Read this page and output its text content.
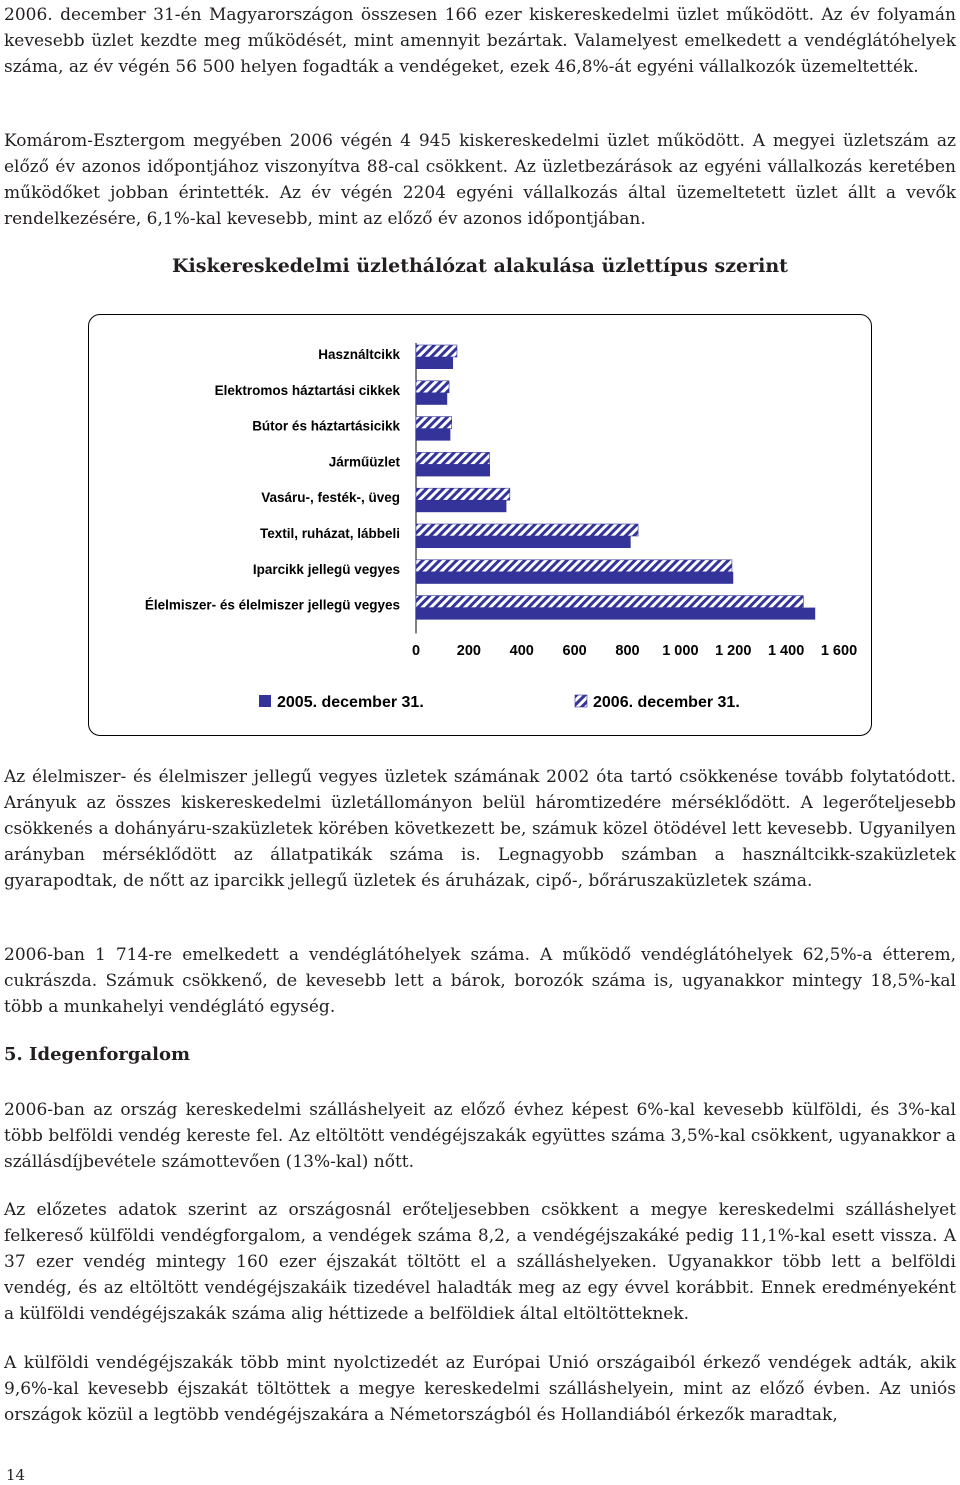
2006. december 31-én Magyarországon összesen 166 ezer kiskereskedelmi üzlet működött. Az év folyamán kevesebb üzlet kezdte meg működését, mint amennyit bezártak. Valamelyest emelkedett a vendéglátóhelyek száma, az év végén 56 500 helyen fogadták a vendégeket, ezek 46,8%-át egyéni vállalkozók üzemeltették.

Komárom-Esztergom megyében 2006 végén 4 945 kiskereskedelmi üzlet működött. A megyei üzletszám az előző év azonos időpontjához viszonyítva 88-cal csökkent. Az üzletbezárások az egyéni vállalkozás keretében működőket jobban érintették. Az év végén 2204 egyéni vállalkozás által üzemeltetett üzlet állt a vevők rendelkezésére, 6,1%-kal kevesebb, mint az előző év azonos időpontjában.

Kiskereskedelmi üzlethálózat alakulása üzlettípus szerint
Használtcikk
Elektromos háztartási cikkek
Bútor és háztartásicikk
Járműüzlet
Vasáru-, festék-, üveg
Textil, ruházat, lábbeli
Iparcikk jellegü vegyes
Élelmiszer- és élelmiszer jellegü vegyes
0	200 400 600 800 1 000 1 200 1 400 1 600
2005. december 31.	2006. december 31.

Az élelmiszer- és élelmiszer jellegű vegyes üzletek számának 2002 óta tartó csökkenése tovább folytatódott. Arányuk az összes kiskereskedelmi üzletállományon belül háromtizedére mérséklődött. A legerőteljesebb csökkenés a dohányáru-szaküzletek körében következett be, számuk közel ötödével lett kevesebb. Ugyanilyen arányban mérséklődött az állatpatikák száma is. Legnagyobb számban a használtcikk-szaküzletek gyarapodtak, de nőtt az iparcikk jellegű üzletek és áruházak, cipő-, bőráruszaküzletek száma.

2006-ban 1 714-re emelkedett a vendéglátóhelyek száma. A működő vendéglátóhelyek 62,5%-a étterem, cukrászda. Számuk csökkenő, de kevesebb lett a bárok, borozók száma is, ugyanakkor mintegy 18,5%-kal több a munkahelyi vendéglátó egység.

5. Idegenforgalom

2006-ban az ország kereskedelmi szálláshelyeit az előző évhez képest 6%-kal kevesebb külföldi, és 3%-kal több belföldi vendég kereste fel. Az eltöltött vendégéjszakák együttes száma 3,5%-kal csökkent, ugyanakkor a szállásdíjbevétele számottevően (13%-kal) nőtt.

Az előzetes adatok szerint az országosnál erőteljesebben csökkent a megye kereskedelmi szálláshelyet felkereső külföldi vendégforgalom, a vendégek száma 8,2, a vendégéjszakáké pedig 11,1%-kal esett vissza. A 37 ezer vendég mintegy 160 ezer éjszakát töltött el a szálláshelyeken. Ugyanakkor több lett a belföldi vendég, és az eltöltött vendégéjszakáik tizedével haladták meg az egy évvel korábbit. Ennek eredményeként a külföldi vendégéjszakák száma alig héttizede a belföldiek által eltöltötteknek.

A külföldi vendégéjszakák több mint nyolctizedét az Európai Unió országaiból érkező vendégek adták, akik 9,6%-kal kevesebb éjszakát töltöttek a megye kereskedelmi szálláshelyein, mint az előző évben. Az uniós országok közül a legtöbb vendégéjszakára a Németországból és Hollandiából érkezők maradtak,

14
